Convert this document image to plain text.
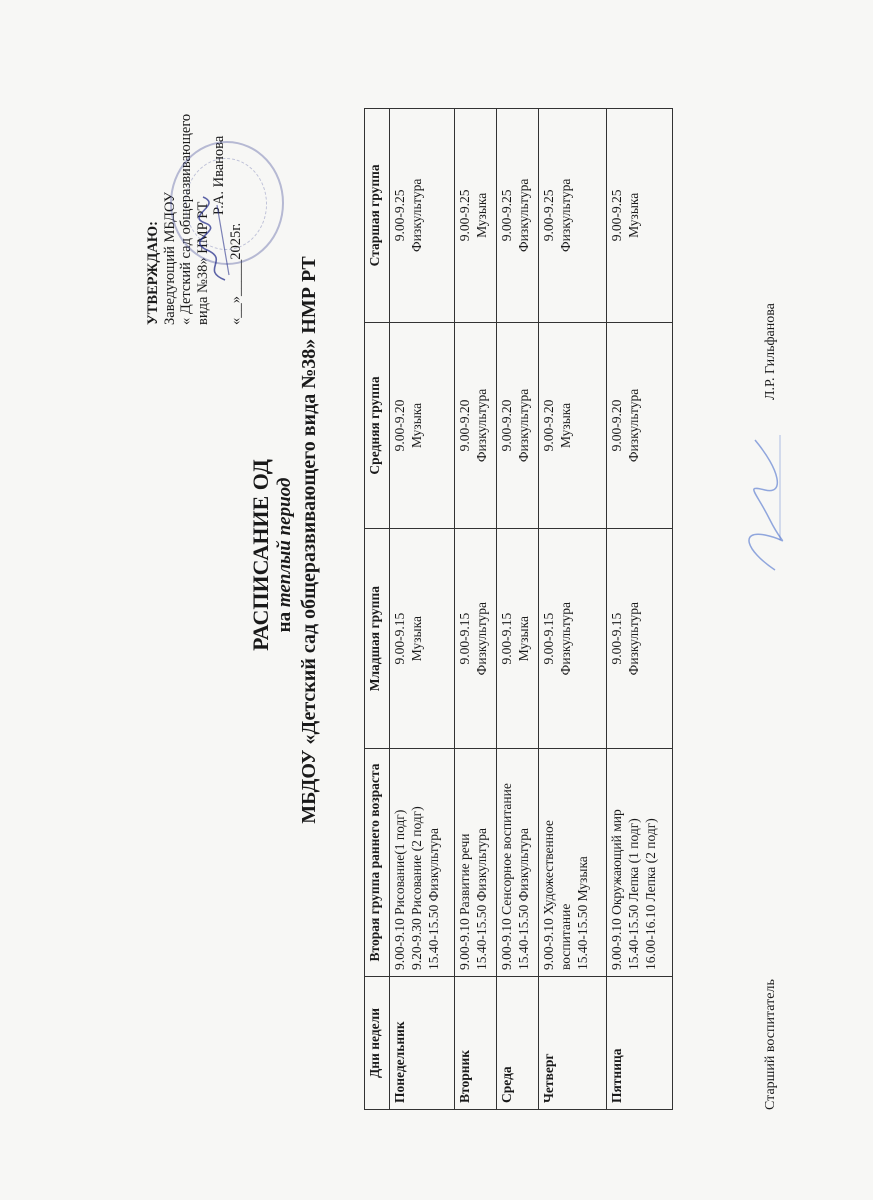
УТВЕРЖДАЮ: Заведующий МБДОУ « Детский сад общеразвивающего вида №38» НМР РТ
Р.А. Иванова
«__»_____2025г.
РАСПИСАНИЕ ОД на теплый период МБДОУ «Детский сад общеразвивающего вида №38» НМР РТ
Дни недели	Вторая группа раннего возраста	Младшая группа	Средняя группа	Старшая группа
Понедельник	9.00-9.10 Рисование(1 подг) 9.20-9.30 Рисование (2 подг) 15.40-15.50 Физкультура	9.00-9.15 Музыка	9.00-9.20 Музыка	9.00-9.25 Физкультура

Вторник	9.00-9.10 Развитие речи 15.40-15.50 Физкультура	9.00-9.15 Физкультура	9.00-9.20 Физкультура	9.00-9.25 Музыка

Среда	9.00-9.10 Сенсорное воспитание 15.40-15.50 Физкультура	9.00-9.15 Музыка	9.00-9.20 Физкультура	9.00-9.25 Физкультура

Четверг	9.00-9.10 Художественное воспитание 15.40-15.50 Музыка	9.00-9.15 Физкультура	9.00-9.20 Музыка	9.00-9.25 Физкультура

Пятница	9.00-9.10 Окружающий мир 15.40-15.50 Лепка (1 подг) 16.00-16.10 Лепка (2 подг)	9.00-9.15 Физкультура	9.00-9.20 Физкультура	9.00-9.25 Музыка
Старший воспитатель
Л.Р. Гильфанова
